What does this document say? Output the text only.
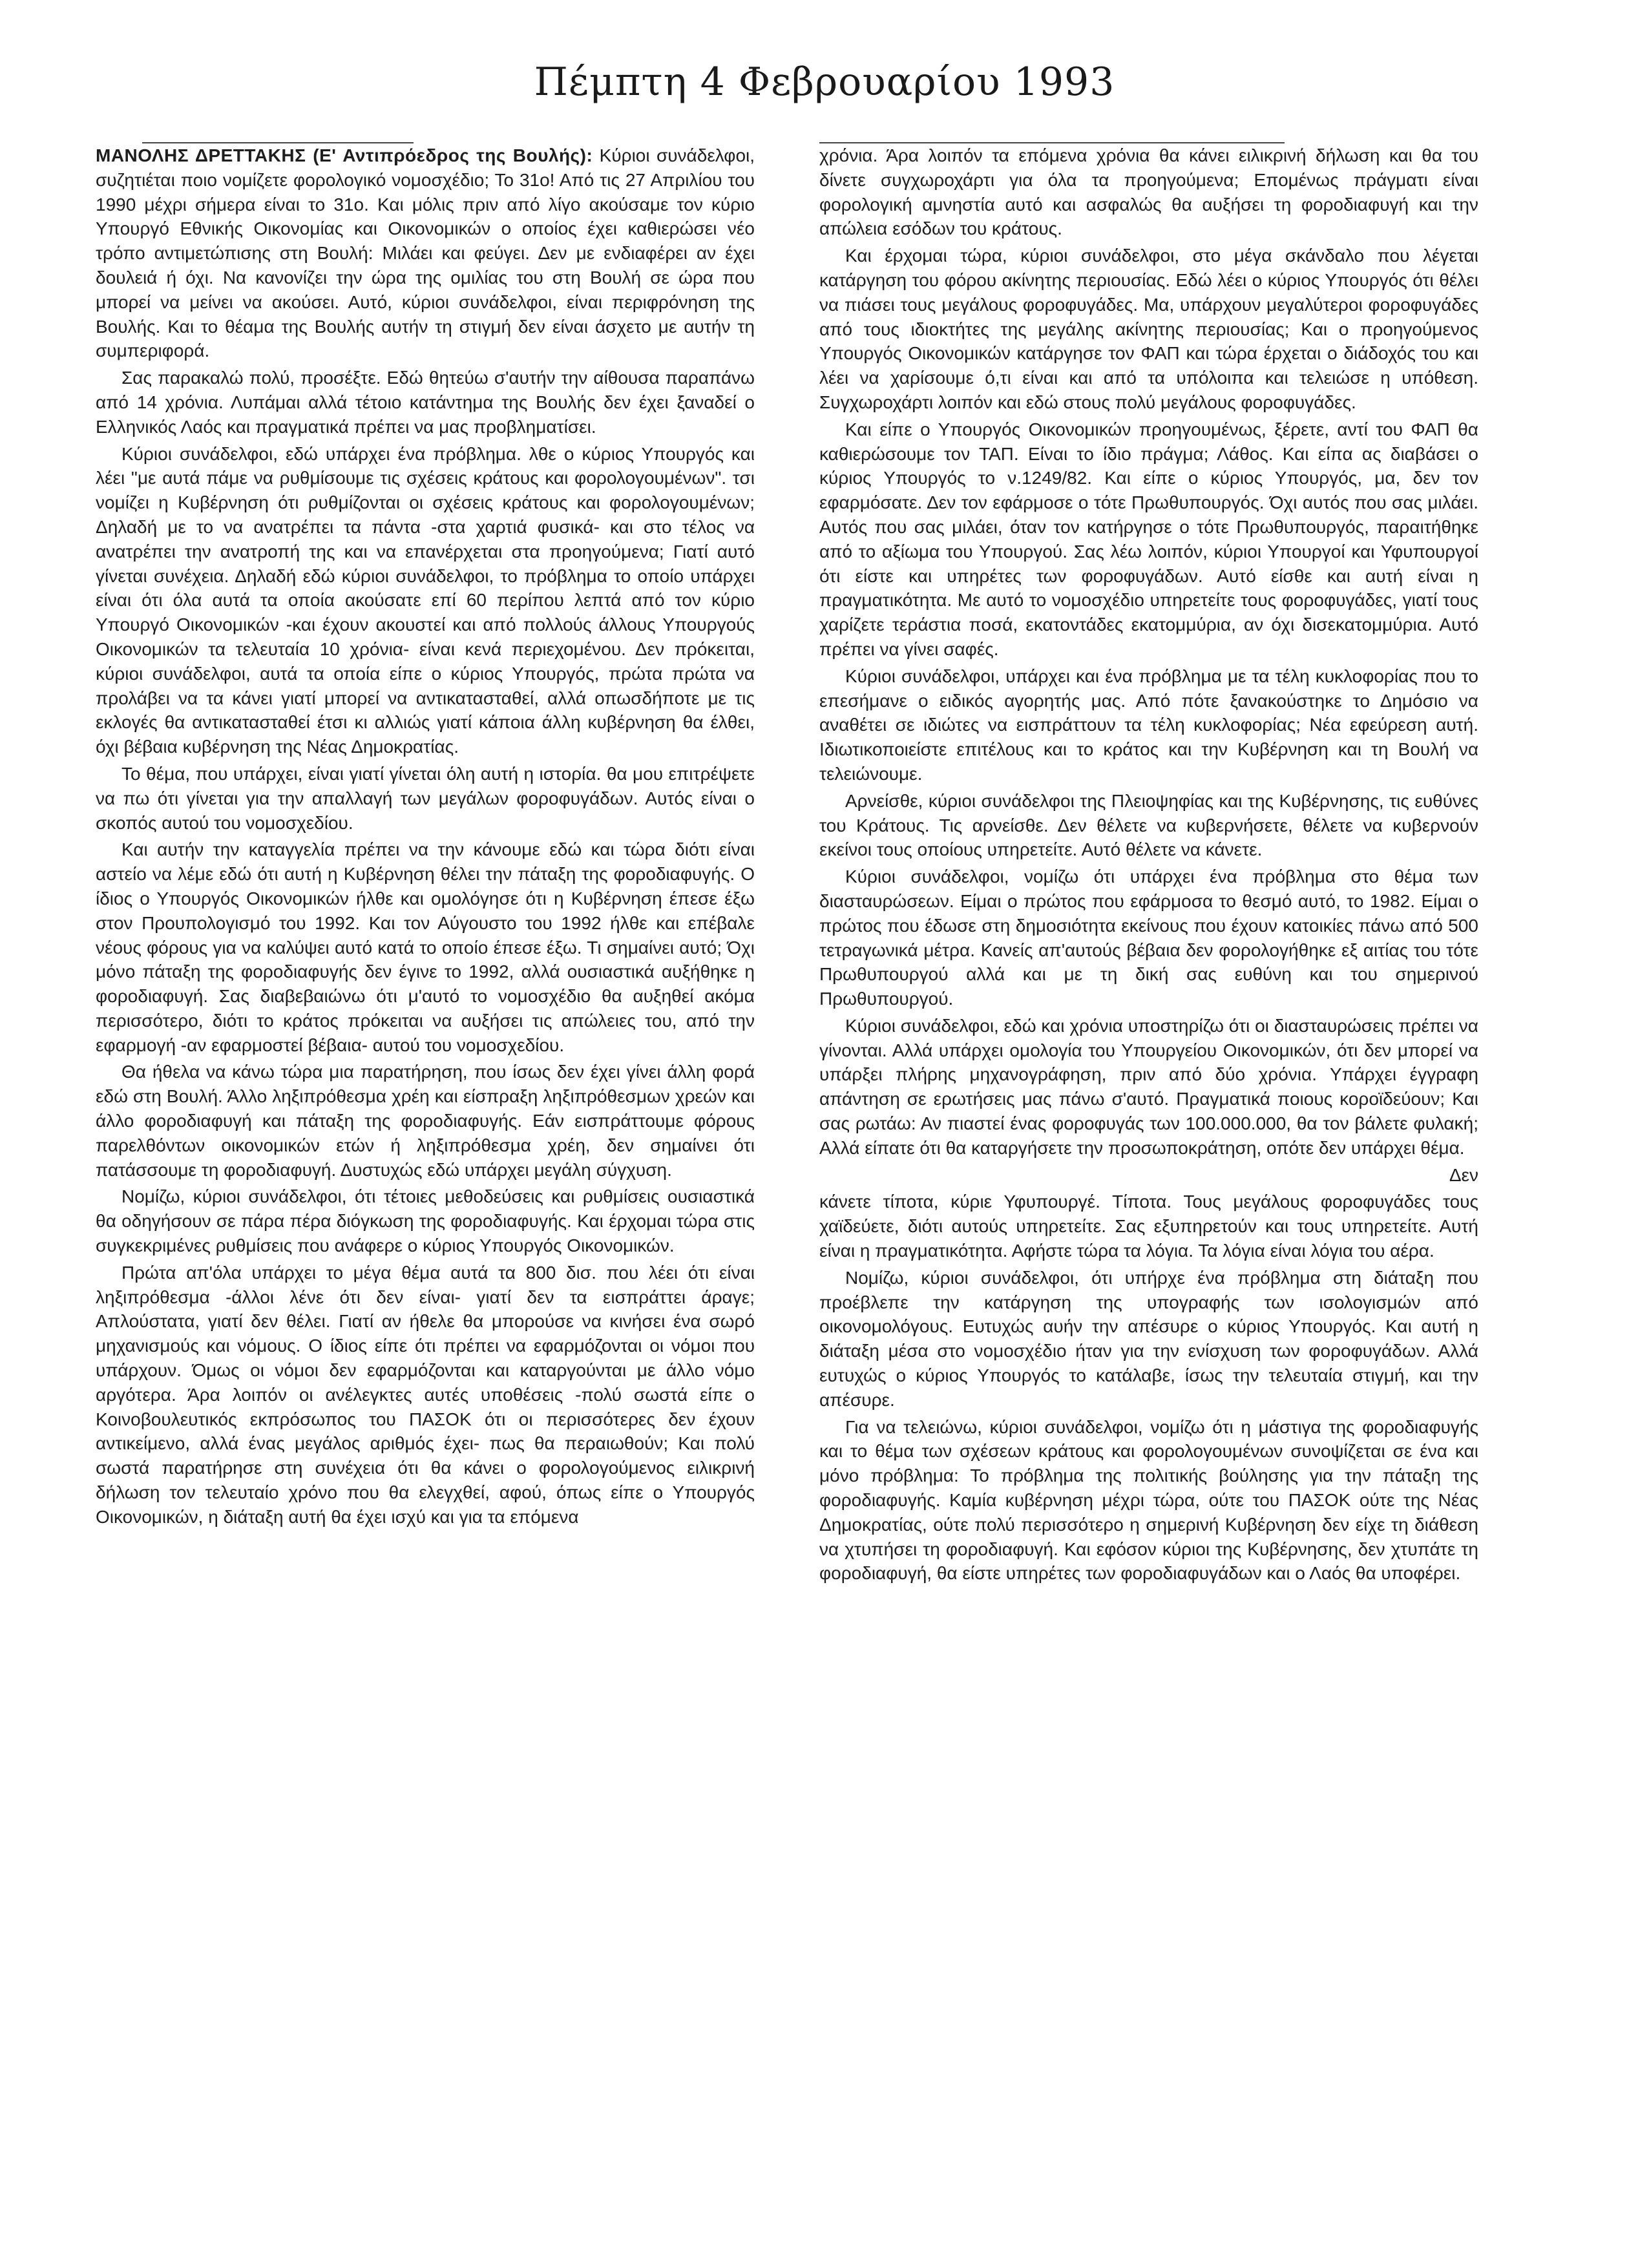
Πέμπτη 4 Φεβρουαρίου 1993

ΜΑΝΟΛΗΣ ΔΡΕΤΤΑΚΗΣ (Ε' Αντιπρόεδρος της Βουλής): Κύριοι συνάδελφοι, συζητιέται ποιο νομίζετε φορολογικό νομοσχέδιο; Το 31ο! Από τις 27 Απριλίου του 1990 μέχρι σήμερα είναι το 31ο. Και μόλις πριν από λίγο ακούσαμε τον κύριο Υπουργό Εθνικής Οικονομίας και Οικονομικών ο οποίος έχει καθιερώσει νέο τρόπο αντιμετώπισης στη Βουλή: Μιλάει και φεύγει. Δεν με ενδιαφέρει αν έχει δουλειά ή όχι. Να κανονίζει την ώρα της ομιλίας του στη Βουλή σε ώρα που μπορεί να μείνει να ακούσει. Αυτό, κύριοι συνάδελφοι, είναι περιφρόνηση της Βουλής. Και το θέαμα της Βουλής αυτήν τη στιγμή δεν είναι άσχετο με αυτήν τη συμπεριφορά.

Σας παρακαλώ πολύ, προσέξτε. Εδώ θητεύω σ'αυτήν την αίθουσα παραπάνω από 14 χρόνια. Λυπάμαι αλλά τέτοιο κατάντημα της Βουλής δεν έχει ξαναδεί ο Ελληνικός Λαός και πραγματικά πρέπει να μας προβληματίσει.

Κύριοι συνάδελφοι, εδώ υπάρχει ένα πρόβλημα. λθε ο κύριος Υπουργός και λέει "με αυτά πάμε να ρυθμίσουμε τις σχέσεις κράτους και φορολογουμένων". τσι νομίζει η Κυβέρνηση ότι ρυθμίζονται οι σχέσεις κράτους και φορολογουμένων; Δηλαδή με το να ανατρέπει τα πάντα -στα χαρτιά φυσικά- και στο τέλος να ανατρέπει την ανατροπή της και να επανέρχεται στα προηγούμενα; Γιατί αυτό γίνεται συνέχεια. Δηλαδή εδώ κύριοι συνάδελφοι, το πρόβλημα το οποίο υπάρχει είναι ότι όλα αυτά τα οποία ακούσατε επί 60 περίπου λεπτά από τον κύριο Υπουργό Οικονομικών -και έχουν ακουστεί και από πολλούς άλλους Υπουργούς Οικονομικών τα τελευταία 10 χρόνια- είναι κενά περιεχομένου. Δεν πρόκειται, κύριοι συνάδελφοι, αυτά τα οποία είπε ο κύριος Υπουργός, πρώτα πρώτα να προλάβει να τα κάνει γιατί μπορεί να αντικατασταθεί, αλλά οπωσδήποτε με τις εκλογές θα αντικατασταθεί έτσι κι αλλιώς γιατί κάποια άλλη κυβέρνηση θα έλθει, όχι βέβαια κυβέρνηση της Νέας Δημοκρατίας.

Το θέμα, που υπάρχει, είναι γιατί γίνεται όλη αυτή η ιστορία. θα μου επιτρέψετε να πω ότι γίνεται για την απαλλαγή των μεγάλων φοροφυγάδων. Αυτός είναι ο σκοπός αυτού του νομοσχεδίου.

Και αυτήν την καταγγελία πρέπει να την κάνουμε εδώ και τώρα διότι είναι αστείο να λέμε εδώ ότι αυτή η Κυβέρνηση θέλει την πάταξη της φοροδιαφυγής. Ο ίδιος ο Υπουργός Οικονομικών ήλθε και ομολόγησε ότι η Κυβέρνηση έπεσε έξω στον Προυπολογισμό του 1992. Και τον Αύγουστο του 1992 ήλθε και επέβαλε νέους φόρους για να καλύψει αυτό κατά το οποίο έπεσε έξω. Τι σημαίνει αυτό; Όχι μόνο πάταξη της φοροδιαφυγής δεν έγινε το 1992, αλλά ουσιαστικά αυξήθηκε η φοροδιαφυγή. Σας διαβεβαιώνω ότι μ'αυτό το νομοσχέδιο θα αυξηθεί ακόμα περισσότερο, διότι το κράτος πρόκειται να αυξήσει τις απώλειες του, από την εφαρμογή -αν εφαρμοστεί βέβαια- αυτού του νομοσχεδίου.

Θα ήθελα να κάνω τώρα μια παρατήρηση, που ίσως δεν έχει γίνει άλλη φορά εδώ στη Βουλή. Άλλο ληξιπρόθεσμα χρέη και είσπραξη ληξιπρόθεσμων χρεών και άλλο φοροδιαφυγή και πάταξη της φοροδιαφυγής. Εάν εισπράττουμε φόρους παρελθόντων οικονομικών ετών ή ληξιπρόθεσμα χρέη, δεν σημαίνει ότι πατάσσουμε τη φοροδιαφυγή. Δυστυχώς εδώ υπάρχει μεγάλη σύγχυση.

Νομίζω, κύριοι συνάδελφοι, ότι τέτοιες μεθοδεύσεις και ρυθμίσεις ουσιαστικά θα οδηγήσουν σε πάρα πέρα διόγκωση της φοροδιαφυγής. Και έρχομαι τώρα στις συγκεκριμένες ρυθμίσεις που ανάφερε ο κύριος Υπουργός Οικονομικών.

Πρώτα απ'όλα υπάρχει το μέγα θέμα αυτά τα 800 δισ. που λέει ότι είναι ληξιπρόθεσμα -άλλοι λένε ότι δεν είναι- γιατί δεν τα εισπράττει άραγε; Απλούστατα, γιατί δεν θέλει. Γιατί αν ήθελε θα μπορούσε να κινήσει ένα σωρό μηχανισμούς και νόμους. Ο ίδιος είπε ότι πρέπει να εφαρμόζονται οι νόμοι που υπάρχουν. Όμως οι νόμοι δεν εφαρμόζονται και καταργούνται με άλλο νόμο αργότερα. Άρα λοιπόν οι ανέλεγκτες αυτές υποθέσεις -πολύ σωστά είπε ο Κοινοβουλευτικός εκπρόσωπος του ΠΑΣΟΚ ότι οι περισσότερες δεν έχουν αντικείμενο, αλλά ένας μεγάλος αριθμός έχει- πως θα περαιωθούν; Και πολύ σωστά παρατήρησε στη συνέχεια ότι θα κάνει ο φορολογούμενος ειλικρινή δήλωση τον τελευταίο χρόνο που θα ελεγχθεί, αφού, όπως είπε ο Υπουργός Οικονομικών, η διάταξη αυτή θα έχει ισχύ και για τα επόμενα

χρόνια. Άρα λοιπόν τα επόμενα χρόνια θα κάνει ειλικρινή δήλωση και θα του δίνετε συγχωροχάρτι για όλα τα προηγούμενα; Επομένως πράγματι είναι φορολογική αμνηστία αυτό και ασφαλώς θα αυξήσει τη φοροδιαφυγή και την απώλεια εσόδων του κράτους.

Και έρχομαι τώρα, κύριοι συνάδελφοι, στο μέγα σκάνδαλο που λέγεται κατάργηση του φόρου ακίνητης περιουσίας. Εδώ λέει ο κύριος Υπουργός ότι θέλει να πιάσει τους μεγάλους φοροφυγάδες. Μα, υπάρχουν μεγαλύτεροι φοροφυγάδες από τους ιδιοκτήτες της μεγάλης ακίνητης περιουσίας; Και ο προηγούμενος Υπουργός Οικονομικών κατάργησε τον ΦΑΠ και τώρα έρχεται ο διάδοχός του και λέει να χαρίσουμε ό,τι είναι και από τα υπόλοιπα και τελειώσε η υπόθεση. Συγχωροχάρτι λοιπόν και εδώ στους πολύ μεγάλους φοροφυγάδες.

Και είπε ο Υπουργός Οικονομικών προηγουμένως, ξέρετε, αντί του ΦΑΠ θα καθιερώσουμε τον ΤΑΠ. Είναι το ίδιο πράγμα; Λάθος. Και είπα ας διαβάσει ο κύριος Υπουργός το ν.1249/82. Και είπε ο κύριος Υπουργός, μα, δεν τον εφαρμόσατε. Δεν τον εφάρμοσε ο τότε Πρωθυπουργός. Όχι αυτός που σας μιλάει. Αυτός που σας μιλάει, όταν τον κατήργησε ο τότε Πρωθυπουργός, παραιτήθηκε από το αξίωμα του Υπουργού. Σας λέω λοιπόν, κύριοι Υπουργοί και Υφυπουργοί ότι είστε και υπηρέτες των φοροφυγάδων. Αυτό είσθε και αυτή είναι η πραγματικότητα. Με αυτό το νομοσχέδιο υπηρετείτε τους φοροφυγάδες, γιατί τους χαρίζετε τεράστια ποσά, εκατοντάδες εκατομμύρια, αν όχι δισεκατομμύρια. Αυτό πρέπει να γίνει σαφές.

Κύριοι συνάδελφοι, υπάρχει και ένα πρόβλημα με τα τέλη κυκλοφορίας που το επεσήμανε ο ειδικός αγορητής μας. Από πότε ξανακούστηκε το Δημόσιο να αναθέτει σε ιδιώτες να εισπράττουν τα τέλη κυκλοφορίας; Νέα εφεύρεση αυτή. Ιδιωτικοποιείστε επιτέλους και το κράτος και την Κυβέρνηση και τη Βουλή να τελειώνουμε.

Αρνείσθε, κύριοι συνάδελφοι της Πλειοψηφίας και της Κυβέρνησης, τις ευθύνες του Κράτους. Τις αρνείσθε. Δεν θέλετε να κυβερνήσετε, θέλετε να κυβερνούν εκείνοι τους οποίους υπηρετείτε. Αυτό θέλετε να κάνετε.

Κύριοι συνάδελφοι, νομίζω ότι υπάρχει ένα πρόβλημα στο θέμα των διασταυρώσεων. Είμαι ο πρώτος που εφάρμοσα το θεσμό αυτό, το 1982. Είμαι ο πρώτος που έδωσε στη δημοσιότητα εκείνους που έχουν κατοικίες πάνω από 500 τετραγωνικά μέτρα. Κανείς απ'αυτούς βέβαια δεν φορολογήθηκε εξ αιτίας του τότε Πρωθυπουργού αλλά και με τη δική σας ευθύνη και του σημερινού Πρωθυπουργού.

Κύριοι συνάδελφοι, εδώ και χρόνια υποστηρίζω ότι οι διασταυρώσεις πρέπει να γίνονται. Αλλά υπάρχει ομολογία του Υπουργείου Οικονομικών, ότι δεν μπορεί να υπάρξει πλήρης μηχανογράφηση, πριν από δύο χρόνια. Υπάρχει έγγραφη απάντηση σε ερωτήσεις μας πάνω σ'αυτό. Πραγματικά ποιους κοροϊδεύουν; Και σας ρωτάω: Αν πιαστεί ένας φοροφυγάς των 100.000.000, θα τον βάλετε φυλακή; Αλλά είπατε ότι θα καταργήσετε την προσωποκράτηση, οπότε δεν υπάρχει θέμα.

Δεν

κάνετε τίποτα, κύριε Υφυπουργέ. Τίποτα. Τους μεγάλους φοροφυγάδες τους χαϊδεύετε, διότι αυτούς υπηρετείτε. Σας εξυπηρετούν και τους υπηρετείτε. Αυτή είναι η πραγματικότητα. Αφήστε τώρα τα λόγια. Τα λόγια είναι λόγια του αέρα.

Νομίζω, κύριοι συνάδελφοι, ότι υπήρχε ένα πρόβλημα στη διάταξη που προέβλεπε την κατάργηση της υπογραφής των ισολογισμών από οικονομολόγους. Ευτυχώς αυήν την απέσυρε ο κύριος Υπουργός. Και αυτή η διάταξη μέσα στο νομοσχέδιο ήταν για την ενίσχυση των φοροφυγάδων. Αλλά ευτυχώς ο κύριος Υπουργός το κατάλαβε, ίσως την τελευταία στιγμή, και την απέσυρε.

Για να τελειώνω, κύριοι συνάδελφοι, νομίζω ότι η μάστιγα της φοροδιαφυγής και το θέμα των σχέσεων κράτους και φορολογουμένων συνοψίζεται σε ένα και μόνο πρόβλημα: Το πρόβλημα της πολιτικής βούλησης για την πάταξη της φοροδιαφυγής. Καμία κυβέρνηση μέχρι τώρα, ούτε του ΠΑΣΟΚ ούτε της Νέας Δημοκρατίας, ούτε πολύ περισσότερο η σημερινή Κυβέρνηση δεν είχε τη διάθεση να χτυπήσει τη φοροδιαφυγή. Και εφόσον κύριοι της Κυβέρνησης, δεν χτυπάτε τη φοροδιαφυγή, θα είστε υπηρέτες των φοροδιαφυγάδων και ο Λαός θα υποφέρει.
